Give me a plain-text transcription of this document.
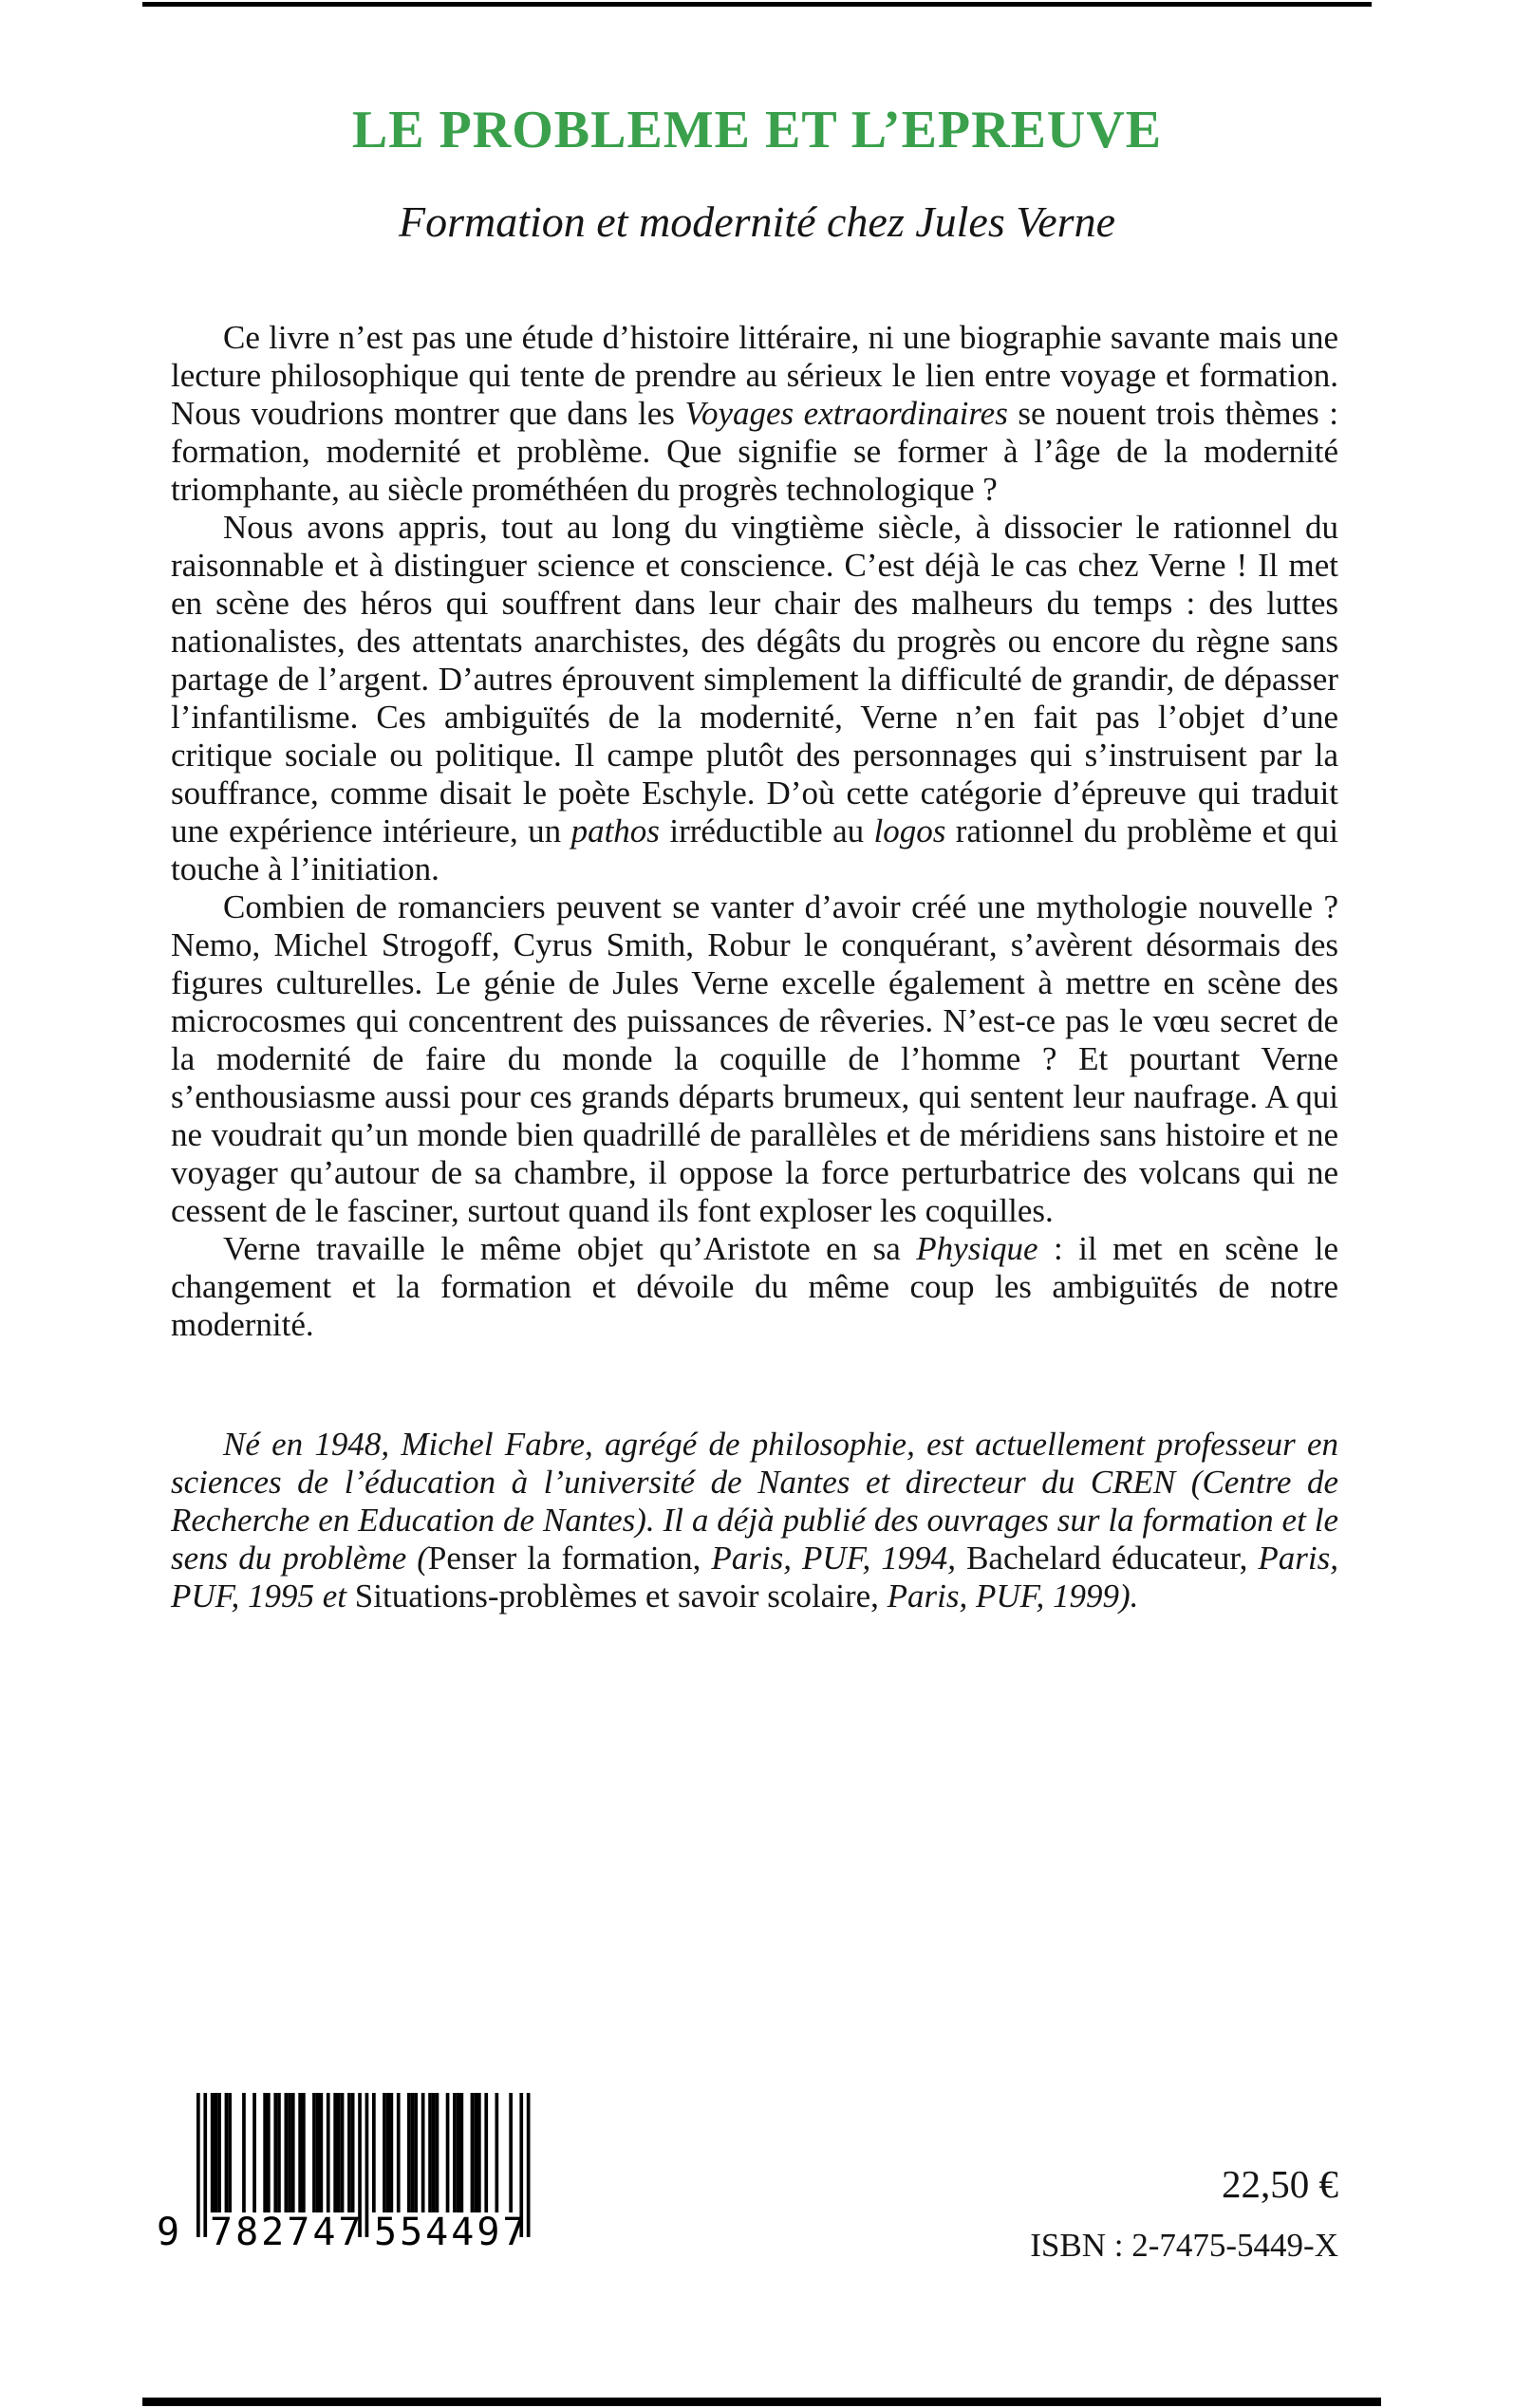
LE PROBLEME ET L’EPREUVE
Formation et modernité chez Jules Verne

Ce livre n’est pas une étude d’histoire littéraire, ni une biographie savante mais une lecture philosophique qui tente de prendre au sérieux le lien entre voyage et formation. Nous voudrions montrer que dans les Voyages extraordinaires se nouent trois thèmes : formation, modernité et problème. Que signifie se former à l’âge de la modernité triomphante, au siècle prométhéen du progrès technologique ?

Nous avons appris, tout au long du vingtième siècle, à dissocier le rationnel du raisonnable et à distinguer science et conscience. C’est déjà le cas chez Verne ! Il met en scène des héros qui souffrent dans leur chair des malheurs du temps : des luttes nationalistes, des attentats anarchistes, des dégâts du progrès ou encore du règne sans partage de l’argent. D’autres éprouvent simplement la difficulté de grandir, de dépasser l’infantilisme. Ces ambiguïtés de la modernité, Verne n’en fait pas l’objet d’une critique sociale ou politique. Il campe plutôt des personnages qui s’instruisent par la souffrance, comme disait le poète Eschyle. D’où cette catégorie d’épreuve qui traduit une expérience intérieure, un pathos irréductible au logos rationnel du problème et qui touche à l’initiation.

Combien de romanciers peuvent se vanter d’avoir créé une mythologie nouvelle ? Nemo, Michel Strogoff, Cyrus Smith, Robur le conquérant, s’avèrent désormais des figures culturelles. Le génie de Jules Verne excelle également à mettre en scène des microcosmes qui concentrent des puissances de rêveries. N’est-ce pas le vœu secret de la modernité de faire du monde la coquille de l’homme ? Et pourtant Verne s’enthousiasme aussi pour ces grands départs brumeux, qui sentent leur naufrage. A qui ne voudrait qu’un monde bien quadrillé de parallèles et de méridiens sans histoire et ne voyager qu’autour de sa chambre, il oppose la force perturbatrice des volcans qui ne cessent de le fasciner, surtout quand ils font exploser les coquilles.

Verne travaille le même objet qu’Aristote en sa Physique : il met en scène le changement et la formation et dévoile du même coup les ambiguïtés de notre modernité.

Né en 1948, Michel Fabre, agrégé de philosophie, est actuellement professeur en sciences de l’éducation à l’université de Nantes et directeur du CREN (Centre de Recherche en Education de Nantes). Il a déjà publié des ouvrages sur la formation et le sens du problème (Penser la formation, Paris, PUF, 1994, Bachelard éducateur, Paris, PUF, 1995 et Situations-problèmes et savoir scolaire, Paris, PUF, 1999).

9 782747 554497
22,50 €
ISBN : 2-7475-5449-X
